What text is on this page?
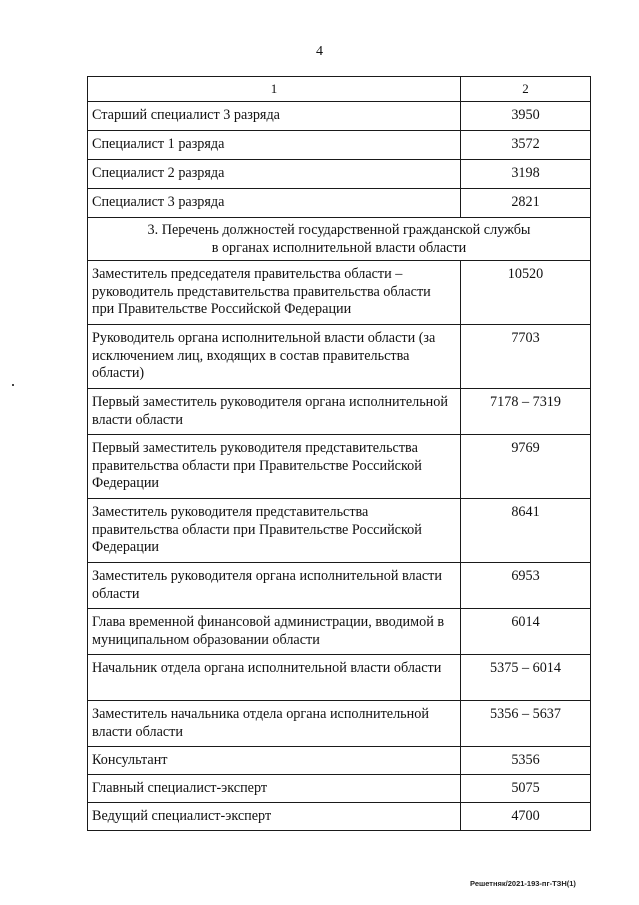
4
1	2
Старший специалист 3 разряда	3950
Специалист 1 разряда	3572
Специалист 2 разряда	3198
Специалист 3 разряда	2821

3. Перечень должностей государственной гражданской службы
в органах исполнительной власти области	

Заместитель председателя правительства области – руководитель представительства правительства области при Правительстве Российской Федерации	10520
Руководитель органа исполнительной власти области (за исключением лиц, входящих в состав правительства области)	7703
Первый заместитель руководителя органа исполнительной власти области	7178 – 7319
Первый заместитель руководителя представительства правительства области при Правительстве Российской Федерации	9769
Заместитель руководителя представительства правительства области при Правительстве Российской Федерации	8641
Заместитель руководителя органа исполнительной власти области	6953
Глава временной финансовой администрации, вводимой в муниципальном образовании области	6014
Начальник отдела органа исполнительной власти области	5375 – 6014
Заместитель начальника отдела органа исполнительной власти области	5356 – 5637
Консультант	5356
Главный специалист-эксперт	5075
Ведущий специалист-эксперт	4700
Решетняк/2021-193-пг-ТЗН(1)
